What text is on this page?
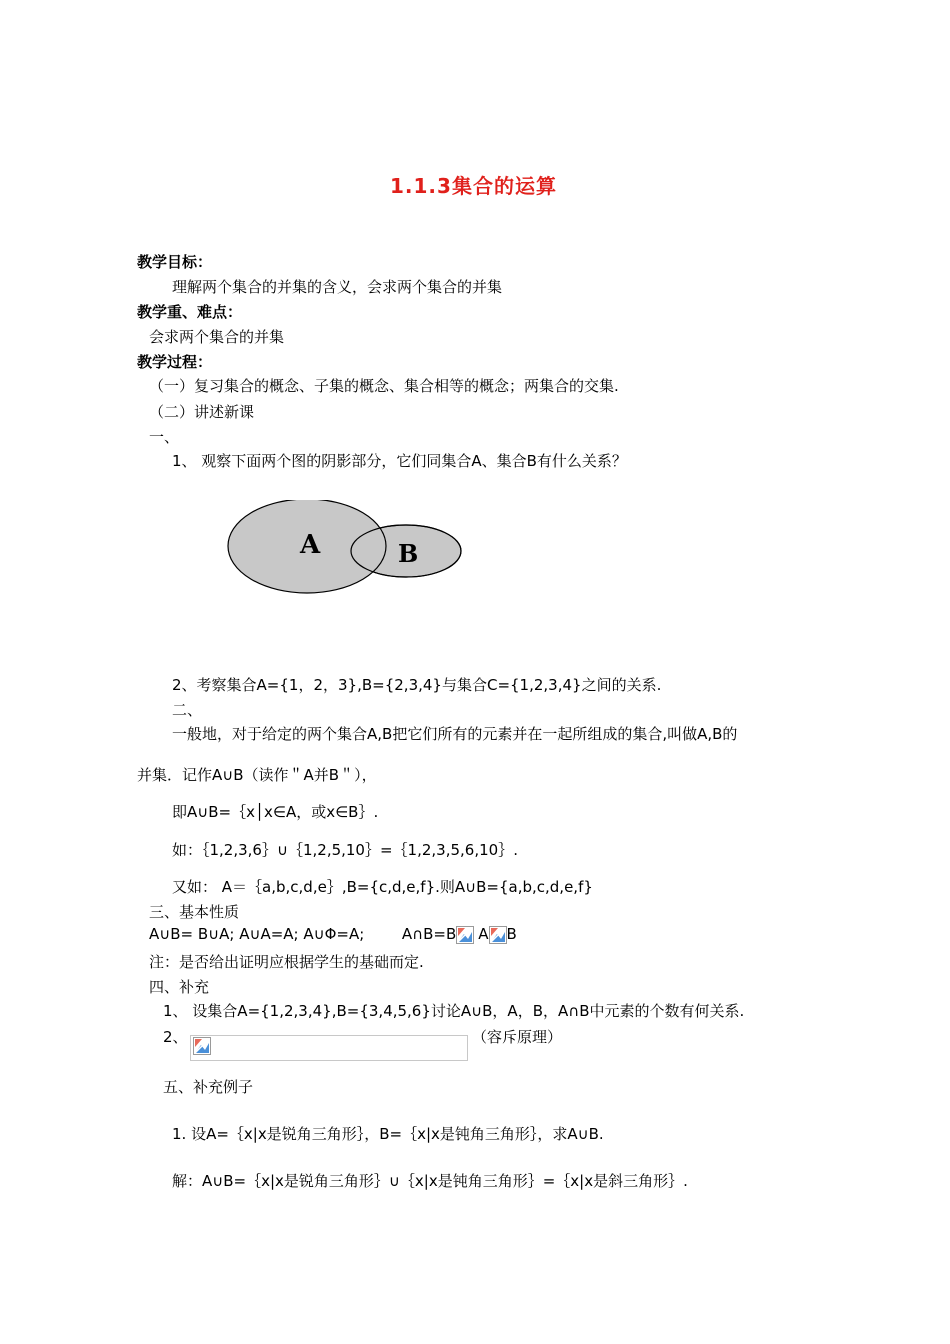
1.1.3集合的运算
教学目标：
理解两个集合的并集的含义，会求两个集合的并集
教学重、难点：
会求两个集合的并集
教学过程：
（一）复习集合的概念、子集的概念、集合相等的概念；两集合的交集.
（二）讲述新课
一、
1、 观察下面两个图的阴影部分，它们同集合A、集合B有什么关系？
A	B
2、考察集合A={1，2，3},B={2,3,4}与集合C={1,2,3,4}之间的关系.
二、
一般地，对于给定的两个集合A,B把它们所有的元素并在一起所组成的集合,叫做A,B的
并集．记作A∪B（读作＂A并B＂），
即A∪B=｛x│x∈A，或x∈B｝.
如：｛1,2,3,6｝∪｛1,2,5,10｝=｛1,2,3,5,6,10｝.
又如： A＝｛a,b,c,d,e｝,B={c,d,e,f}.则A∪B={a,b,c,d,e,f}
三、基本性质
A∪B= B∪A; A∪A=A; A∪Φ=A;	A∩B=B A B
注：是否给出证明应根据学生的基础而定.
四、补充
1、 设集合A={1,2,3,4},B={3,4,5,6}讨论A∪B，A，B，A∩B中元素的个数有何关系.
2、	（容斥原理）
五、补充例子
1. 设A=｛x|x是锐角三角形｝，B=｛x|x是钝角三角形｝，求A∪B.
解：A∪B=｛x|x是锐角三角形｝∪｛x|x是钝角三角形｝=｛x|x是斜三角形｝.
